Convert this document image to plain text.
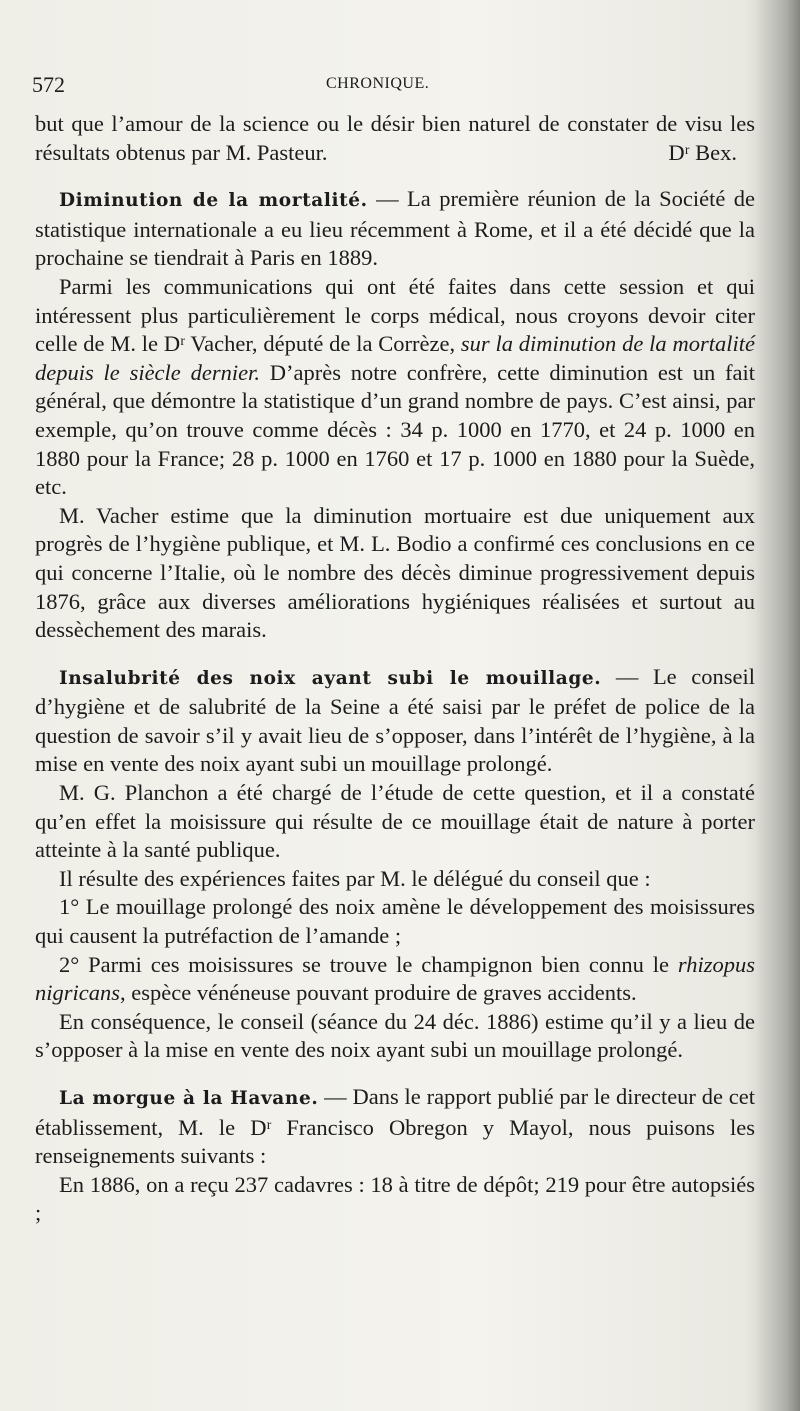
572	CHRONIQUE.

but que l’amour de la science ou le désir bien naturel de constater de visu les résultats obtenus par M. Pasteur.	Dʳ Bex.

Diminution de la mortalité. — La première réunion de la Société de statistique internationale a eu lieu récemment à Rome, et il a été décidé que la prochaine se tiendrait à Paris en 1889.

Parmi les communications qui ont été faites dans cette session et qui intéressent plus particulièrement le corps médical, nous croyons devoir citer celle de M. le Dʳ Vacher, député de la Corrèze, sur la diminution de la mortalité depuis le siècle dernier. D’après notre confrère, cette diminution est un fait général, que démontre la statistique d’un grand nombre de pays. C’est ainsi, par exemple, qu’on trouve comme décès : 34 p. 1000 en 1770, et 24 p. 1000 en 1880 pour la France; 28 p. 1000 en 1760 et 17 p. 1000 en 1880 pour la Suède, etc.

M. Vacher estime que la diminution mortuaire est due uniquement aux progrès de l’hygiène publique, et M. L. Bodio a confirmé ces conclusions en ce qui concerne l’Italie, où le nombre des décès diminue progressivement depuis 1876, grâce aux diverses améliorations hygiéniques réalisées et surtout au dessèchement des marais.

Insalubrité des noix ayant subi le mouillage. — Le conseil d’hygiène et de salubrité de la Seine a été saisi par le préfet de police de la question de savoir s’il y avait lieu de s’opposer, dans l’intérêt de l’hygiène, à la mise en vente des noix ayant subi un mouillage prolongé.

M. G. Planchon a été chargé de l’étude de cette question, et il a constaté qu’en effet la moisissure qui résulte de ce mouillage était de nature à porter atteinte à la santé publique.

Il résulte des expériences faites par M. le délégué du conseil que :

1° Le mouillage prolongé des noix amène le développement des moisissures qui causent la putréfaction de l’amande ;

2° Parmi ces moisissures se trouve le champignon bien connu le rhizopus nigricans, espèce vénéneuse pouvant produire de graves accidents.

En conséquence, le conseil (séance du 24 déc. 1886) estime qu’il y a lieu de s’opposer à la mise en vente des noix ayant subi un mouillage prolongé.

La morgue à la Havane. — Dans le rapport publié par le directeur de cet établissement, M. le Dʳ Francisco Obregon y Mayol, nous puisons les renseignements suivants :

En 1886, on a reçu 237 cadavres : 18 à titre de dépôt; 219 pour être autopsiés ;
